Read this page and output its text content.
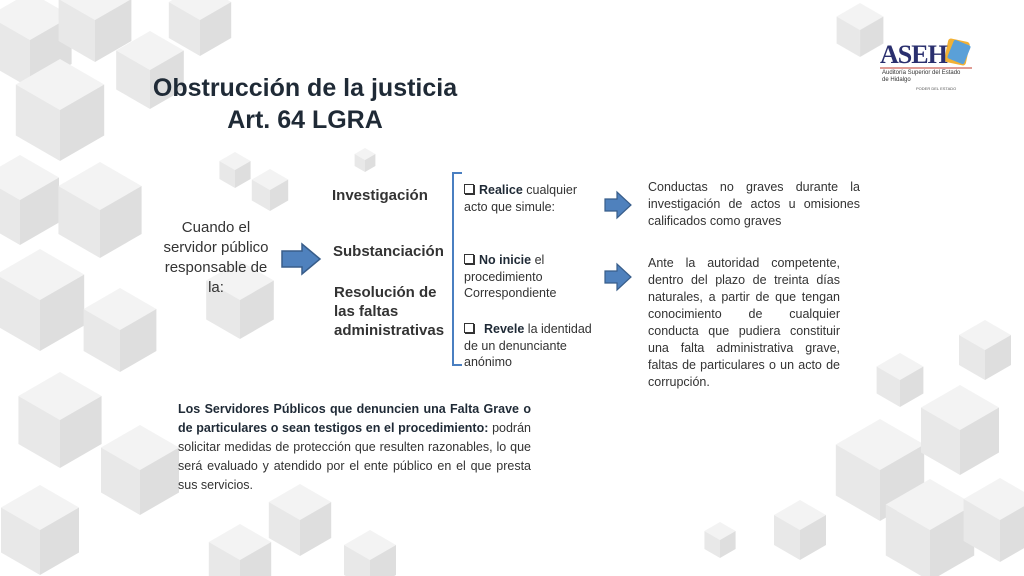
Obstrucción de la justicia
Art. 64 LGRA
ASEH
Auditoría Superior del Estado de Hidalgo
PODER DEL ESTADO
Cuando el servidor público responsable de la:
Investigación
Substanciación
Resolución de las faltas administrativas
Realice cualquier acto que simule:
No inicie el procedimiento Correspondiente
Revele la identidad de un denunciante anónimo
Conductas no graves durante la investigación de actos u omisiones calificados como graves
Ante la autoridad competente, dentro del plazo de treinta días naturales, a partir de que tengan conocimiento de cualquier conducta que pudiera constituir una falta administrativa grave, faltas de particulares o un acto de corrupción.
Los Servidores Públicos que denuncien una Falta Grave o de particulares o sean testigos en el procedimiento: podrán solicitar medidas de protección que resulten razonables, lo que será evaluado y atendido por el ente público en el que presta sus servicios.
